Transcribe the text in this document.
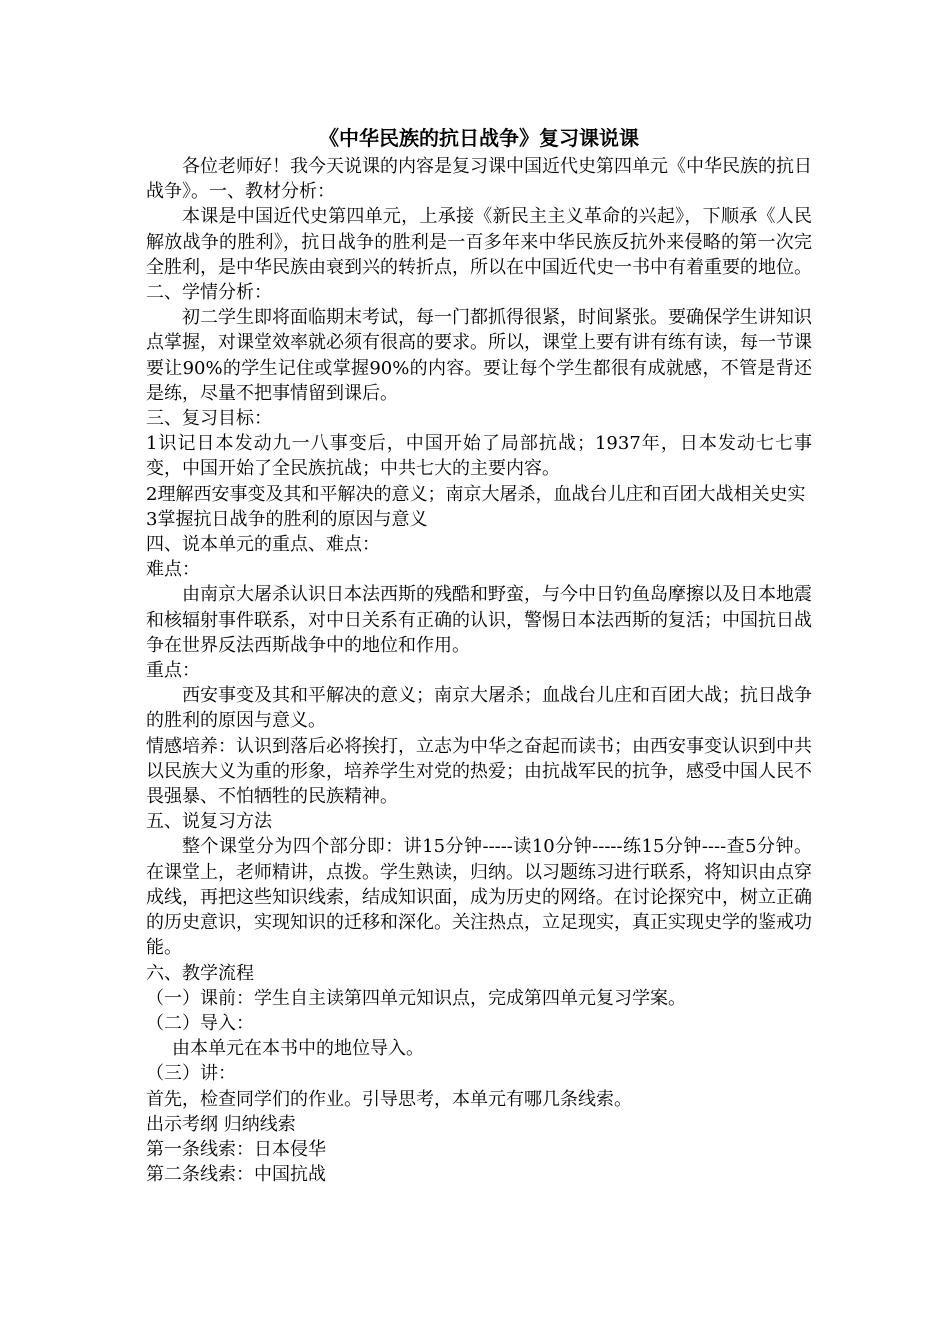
《中华民族的抗日战争》复习课说课

各位老师好！我今天说课的内容是复习课中国近代史第四单元《中华民族的抗日战争》。一、教材分析：

本课是中国近代史第四单元，上承接《新民主主义革命的兴起》，下顺承《人民解放战争的胜利》，抗日战争的胜利是一百多年来中华民族反抗外来侵略的第一次完全胜利，是中华民族由衰到兴的转折点，所以在中国近代史一书中有着重要的地位。

二、学情分析：

初二学生即将面临期末考试，每一门都抓得很紧，时间紧张。要确保学生讲知识点掌握，对课堂效率就必须有很高的要求。所以，课堂上要有讲有练有读，每一节课要让90%的学生记住或掌握90%的内容。要让每个学生都很有成就感，不管是背还是练，尽量不把事情留到课后。

三、复习目标：

1识记日本发动九一八事变后，中国开始了局部抗战；1937年，日本发动七七事变，中国开始了全民族抗战；中共七大的主要内容。

2理解西安事变及其和平解决的意义；南京大屠杀，血战台儿庄和百团大战相关史实

3掌握抗日战争的胜利的原因与意义

四、说本单元的重点、难点：

难点：

由南京大屠杀认识日本法西斯的残酷和野蛮，与今中日钓鱼岛摩擦以及日本地震和核辐射事件联系，对中日关系有正确的认识，警惕日本法西斯的复活；中国抗日战争在世界反法西斯战争中的地位和作用。

重点：

西安事变及其和平解决的意义；南京大屠杀；血战台儿庄和百团大战；抗日战争的胜利的原因与意义。

情感培养：认识到落后必将挨打，立志为中华之奋起而读书；由西安事变认识到中共以民族大义为重的形象，培养学生对党的热爱；由抗战军民的抗争，感受中国人民不畏强暴、不怕牺牲的民族精神。

五、说复习方法

整个课堂分为四个部分即：讲15分钟-----读10分钟-----练15分钟----查5分钟。在课堂上，老师精讲，点拨。学生熟读，归纳。以习题练习进行联系，将知识由点穿成线，再把这些知识线索，结成知识面，成为历史的网络。在讨论探究中，树立正确的历史意识，实现知识的迁移和深化。关注热点，立足现实，真正实现史学的鉴戒功能。

六、教学流程

（一）课前：学生自主读第四单元知识点，完成第四单元复习学案。

（二）导入：

由本单元在本书中的地位导入。

（三）讲：

首先，检查同学们的作业。引导思考，本单元有哪几条线索。

出示考纲 归纳线索

第一条线索：日本侵华

第二条线索：中国抗战
